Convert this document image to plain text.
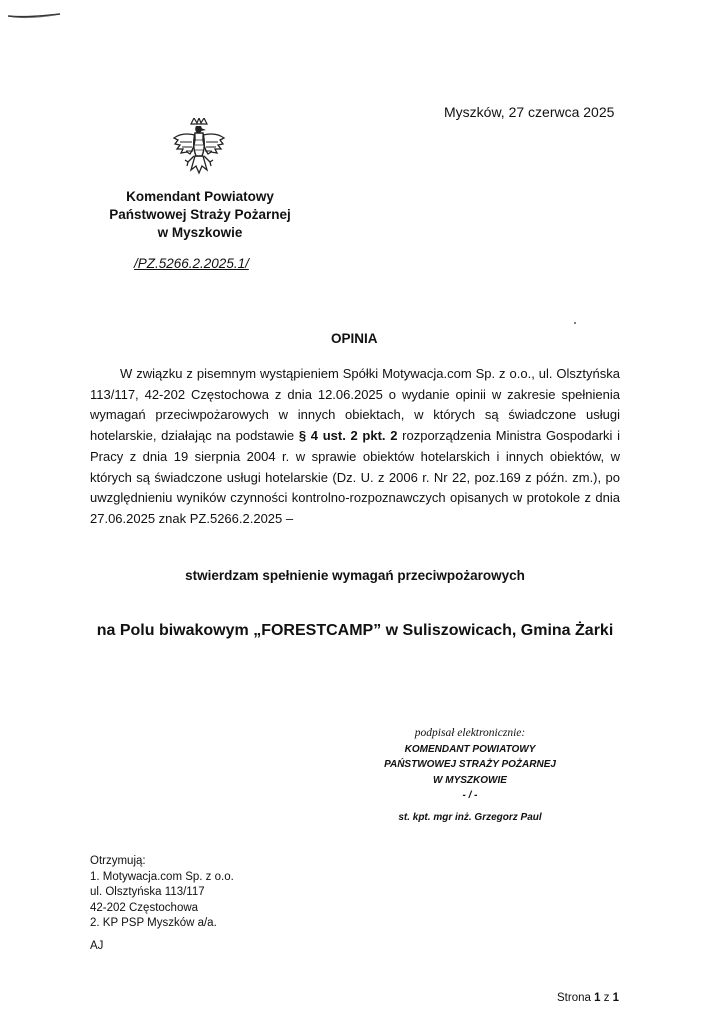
Myszków, 27 czerwca 2025
Komendant Powiatowy
Państwowej Straży Pożarnej
w Myszkowie
/PZ.5266.2.2025.1/
OPINIA

W związku z pisemnym wystąpieniem Spółki Motywacja.com Sp. z o.o., ul. Olsztyńska 113/117, 42-202 Częstochowa z dnia 12.06.2025 o wydanie opinii w zakresie spełnienia wymagań przeciwpożarowych w innych obiektach, w których są świadczone usługi hotelarskie, działając na podstawie § 4 ust. 2 pkt. 2 rozporządzenia Ministra Gospodarki i Pracy z dnia 19 sierpnia 2004 r. w sprawie obiektów hotelarskich i innych obiektów, w których są świadczone usługi hotelarskie (Dz. U. z 2006 r. Nr 22, poz.169 z późn. zm.), po uwzględnieniu wyników czynności kontrolno-rozpoznawczych opisanych w protokole z dnia 27.06.2025 znak PZ.5266.2.2025 –

stwierdzam spełnienie wymagań przeciwpożarowych
na Polu biwakowym „FORESTCAMP” w Suliszowicach, Gmina Żarki
podpisał elektronicznie:
KOMENDANT POWIATOWY
PAŃSTWOWEJ STRAŻY POŻARNEJ
W MYSZKOWIE
- / -
st. kpt. mgr inż. Grzegorz Paul
Otrzymują:
1. Motywacja.com Sp. z o.o.
ul. Olsztyńska 113/117
42-202 Częstochowa
2. KP PSP Myszków a/a.
AJ
Strona 1 z 1
